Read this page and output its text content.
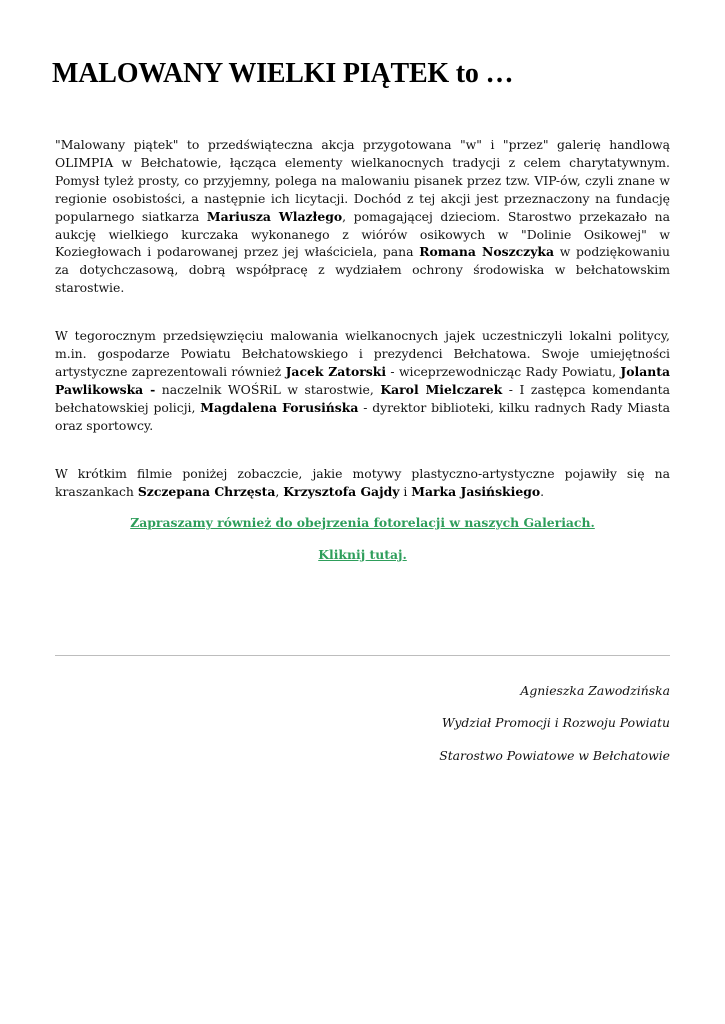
MALOWANY WIELKI PIĄTEK to …

"Malowany piątek" to przedświąteczna akcja przygotowana "w" i "przez" galerię handlową OLIMPIA w Bełchatowie, łącząca elementy wielkanocnych tradycji z celem charytatywnym. Pomysł tyleż prosty, co przyjemny, polega na malowaniu pisanek przez tzw. VIP-ów, czyli znane w regionie osobistości, a następnie ich licytacji. Dochód z tej akcji jest przeznaczony na fundację popularnego siatkarza Mariusza Wlazłego, pomagającej dzieciom. Starostwo przekazało na aukcję wielkiego kurczaka wykonanego z wiórów osikowych w "Dolinie Osikowej" w Koziegłowach i podarowanej przez jej właściciela, pana Romana Noszczyka w podziękowaniu za dotychczasową, dobrą współpracę z wydziałem ochrony środowiska w bełchatowskim starostwie.

W tegorocznym przedsięwzięciu malowania wielkanocnych jajek uczestniczyli lokalni politycy, m.in. gospodarze Powiatu Bełchatowskiego i prezydenci Bełchatowa. Swoje umiejętności artystyczne zaprezentowali również Jacek Zatorski - wiceprzewodnicząc Rady Powiatu, Jolanta Pawlikowska - naczelnik WOŚRiL w starostwie, Karol Mielczarek - I zastępca komendanta bełchatowskiej policji, Magdalena Forusińska - dyrektor biblioteki, kilku radnych Rady Miasta oraz sportowcy.

W krótkim filmie poniżej zobaczcie, jakie motywy plastyczno-artystyczne pojawiły się na kraszankach Szczepana Chrzęsta, Krzysztofa Gajdy i Marka Jasińskiego.

Zapraszamy również do obejrzenia fotorelacji w naszych Galeriach.

Kliknij tutaj.

Agnieszka Zawodzińska

Wydział Promocji i Rozwoju Powiatu

Starostwo Powiatowe w Bełchatowie
